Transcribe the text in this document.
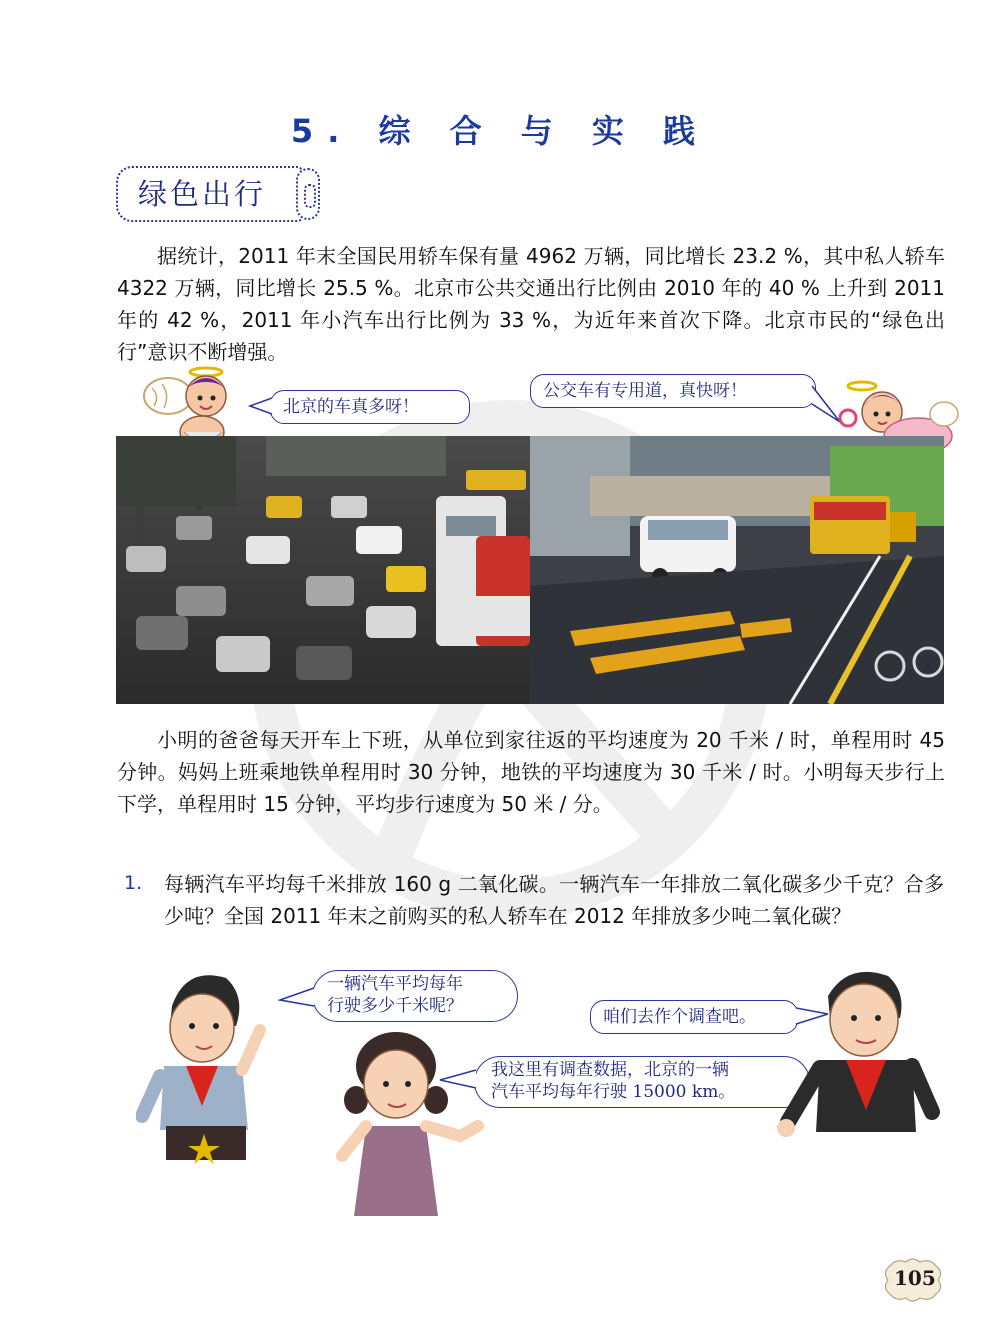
5. 综 合 与 实 践
绿色出行

据统计，2011 年末全国民用轿车保有量 4962 万辆，同比增长 23.2 %，其中私人轿车 4322 万辆，同比增长 25.5 %。北京市公共交通出行比例由 2010 年的 40 % 上升到 2011 年的 42 %，2011 年小汽车出行比例为 33 %，为近年来首次下降。北京市民的“绿色出行”意识不断增强。

北京的车真多呀！
公交车有专用道，真快呀！

小明的爸爸每天开车上下班，从单位到家往返的平均速度为 20 千米 / 时，单程用时 45 分钟。妈妈上班乘地铁单程用时 30 分钟，地铁的平均速度为 30 千米 / 时。小明每天步行上下学，单程用时 15 分钟，平均步行速度为 50 米 / 分。

1. 每辆汽车平均每千米排放 160 g 二氧化碳。一辆汽车一年排放二氧化碳多少千克？合多少吨？全国 2011 年末之前购买的私人轿车在 2012 年排放多少吨二氧化碳？
一辆汽车平均每年
行驶多少千米呢？
我这里有调查数据，北京的一辆
汽车平均每年行驶 15000 km。
咱们去作个调查吧。
105
